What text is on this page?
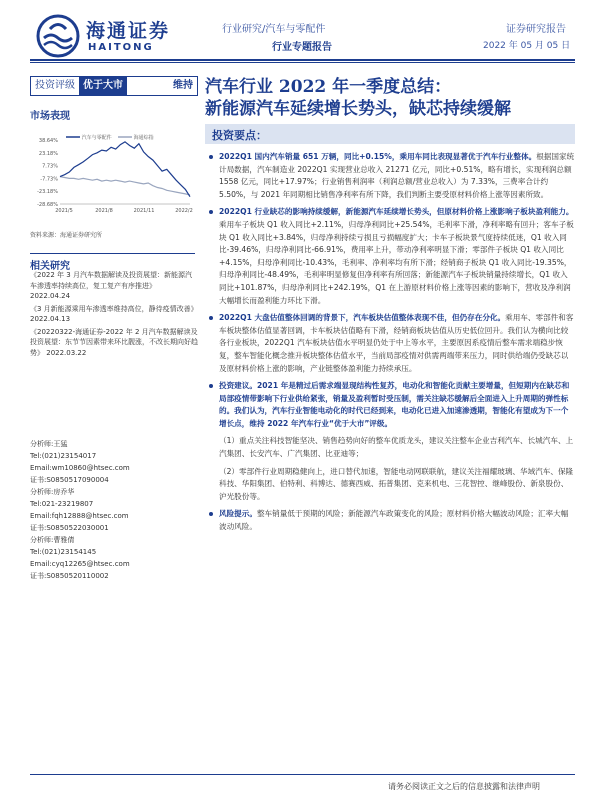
海通证券
HAITONG
行业研究/汽车与零配件
行业专题报告
证券研究报告
2022 年 05 月 05 日
投资评级 优于大市	维持
市场表现
汽车与零配件	海通综指
38.64%
23.18%
7.73%
-7.73%
-23.18%
-28.68%
2021/5	2021/8	2021/11	2022/2
资料来源：海通证券研究所
相关研究
《2022 年 3 月汽车数据解读及投资展望：新能源汽车渗透率持续高位，复工复产有序推进》 2022.04.24
《3 月新能源乘用车渗透率维持高位，静待疫情改善》 2022.04.13
《20220322-海通证券-2022 年 2 月汽车数据解读及投资展望：东节节因素带来环比靓涨，不改长期向好趋势》 2022.03.22
分析师:王猛
Tel:(021)23154017
Email:wm10860@htsec.com
证书:S0850517090004
分析师:房乔华
Tel:021-23219807
Email:fqh12888@htsec.com
证书:S0850522030001
分析师:曹雅倩
Tel:(021)23154145
Email:cyq12265@htsec.com
证书:S0850520110002
汽车行业 2022 年一季度总结：
新能源汽车延续增长势头，缺芯持续缓解
投资要点：
2022Q1 国内汽车销量 651 万辆，同比+0.15%，乘用车同比表现显著优于汽车行业整体。根据国家统计局数据，汽车制造业 2022Q1 实现营业总收入 21271 亿元，同比+0.51%，略有增长，实现利润总额 1558 亿元，同比+17.97%；行业销售利润率（利润总额/营业总收入）为 7.33%，三费率合计约 5.50%，与 2021 年同期相比销售净利率有所下降，我们判断主要受原材料价格上涨等因素所致。
2022Q1 行业缺芯的影响持续缓解，新能源汽车延续增长势头，但原材料价格上涨影响子板块盈利能力。乘用车子板块 Q1 收入同比+2.11%，归母净利同比+25.54%，毛利率下滑，净利率略有回升；客车子板块 Q1 收入同比+3.84%，归母净利持续亏损且亏损幅度扩大；卡车子板块景气度持续低迷，Q1 收入同比-39.46%，归母净利同比-66.91%，费用率上升，带动净利率明显下滑；零部件子板块 Q1 收入同比+4.15%，归母净利同比-10.43%，毛利率、净利率均有所下滑；经销商子板块 Q1 收入同比-19.35%，归母净利同比-48.49%，毛利率明显修复但净利率有所回落；新能源汽车子板块销量持续增长，Q1 收入同比+101.87%，归母净利同比+242.19%，Q1 在上游原材料价格上涨等因素的影响下，营收及净利润大幅增长而盈利能力环比下滑。
2022Q1 大盘估值整体回调的背景下，汽车板块估值整体表现不佳，但仍存在分化。乘用车、零部件和客车板块整体估值显著回调，卡车板块估值略有下滑，经销商板块估值从历史低位回升。我们认为横向比较各行业板块，2022Q1 汽车板块估值水平明显仍处于中上等水平，主要原因系疫情后整车需求端稳步恢复，整车智能化概念推升板块整体估值水平，当前局部疫情对供需两端带来压力，同时供给端仍受缺芯以及原材料价格上涨的影响，产业链整体盈利能力持续承压。
投资建议。2021 年是精过后需求端显现结构性复苏，电动化和智能化贡献主要增量，但短期内在缺芯和局部疫情带影响下行业供给紧张，销量及盈利暂时受压制，需关注缺芯缓解后全面进入上升周期的弹性标的。我们认为，汽车行业智能电动化的时代已经到来，电动化已进入加速渗透期，智能化有望成为下一个增长点，维持 2022 年汽车行业“优于大市”评级。
（1）重点关注科技智能坚决、销售趋势向好的整车优质龙头，建议关注整车企业吉利汽车、长城汽车、上汽集团、长安汽车、广汽集团、比亚迪等；
（2）零部件行业周期稳健向上，进口替代加速，智能电动网联联航，建议关注福耀玻璃、华域汽车、保隆科技、华阳集团、伯特利、科博达、德赛西威、拓普集团、克来机电、三花智控、继峰股份、新泉股份、沪光股份等。
风险提示。整车销量低于预期的风险；新能源汽车政策变化的风险；原材料价格大幅波动风险；汇率大幅波动风险。
请务必阅读正文之后的信息披露和法律声明
